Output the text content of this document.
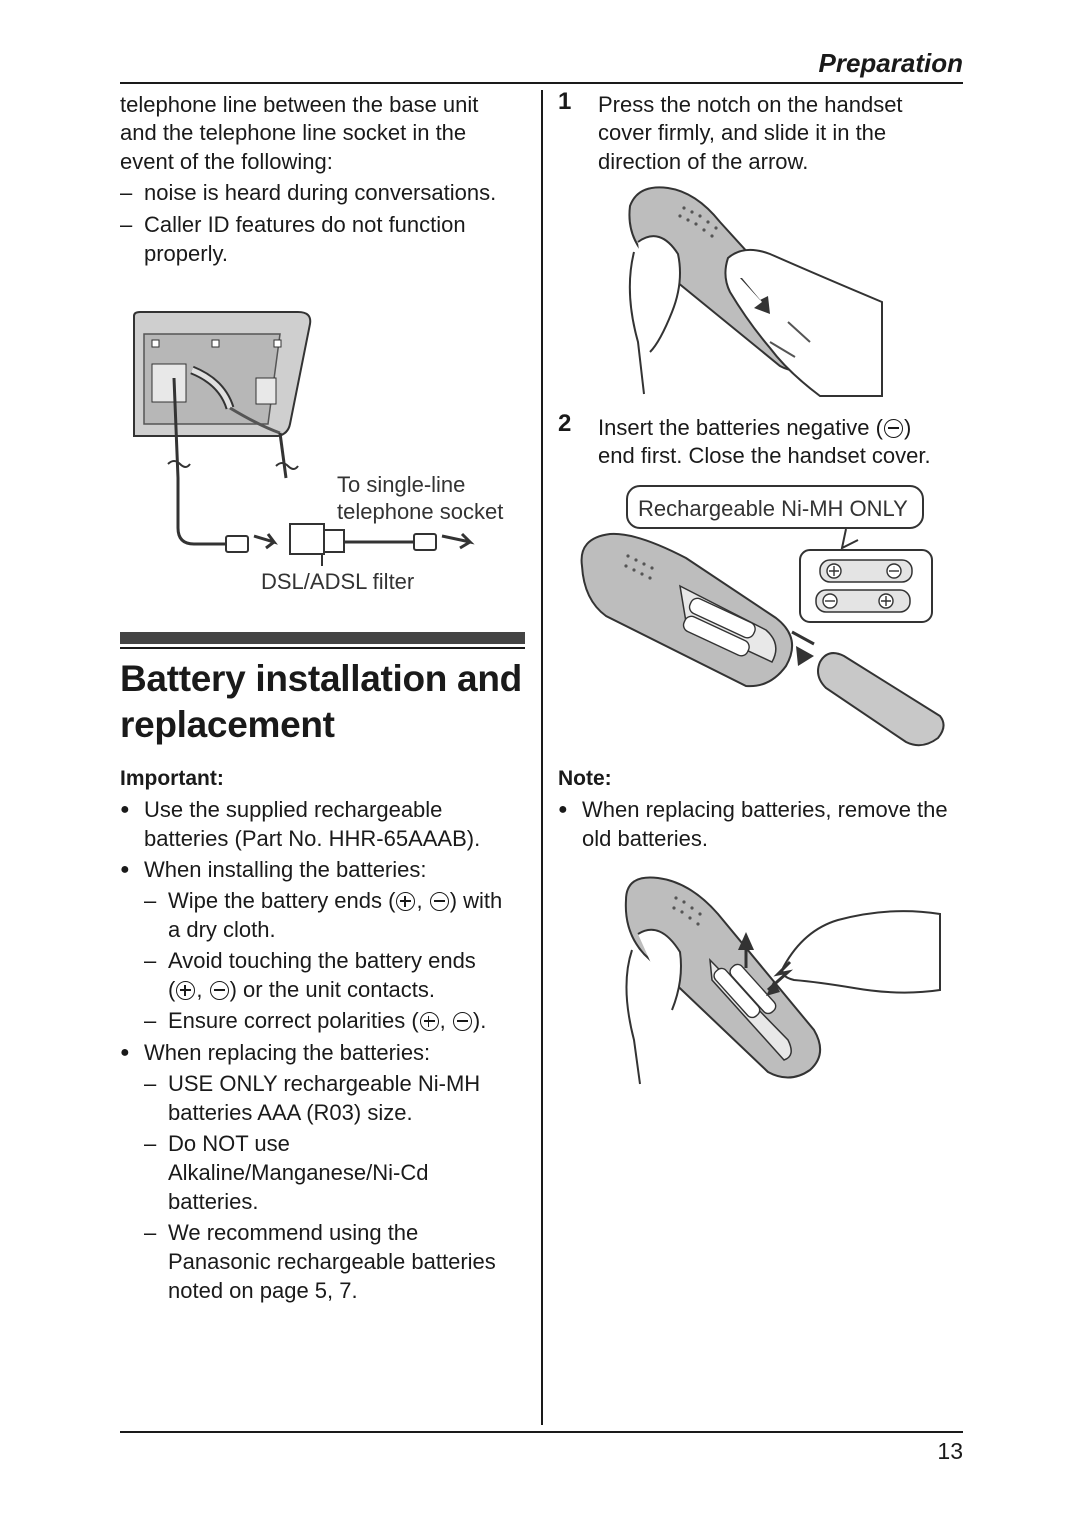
Preparation
telephone line between the base unit
and the telephone line socket in the
event of the following:
– noise is heard during conversations.
– Caller ID features do not function
properly.
To single-line
telephone socket
DSL/ADSL filter
Battery installation and
replacement
Important:
● Use the supplied rechargeable
batteries (Part No. HHR-65AAAB).
● When installing the batteries:
– Wipe the battery ends ( , ) with
a dry cloth.
– Avoid touching the battery ends
( , ) or the unit contacts.
– Ensure correct polarities ( , ).
● When replacing the batteries:
– USE ONLY rechargeable Ni-MH
batteries AAA (R03) size.
– Do NOT use
Alkaline/Manganese/Ni-Cd
batteries.
– We recommend using the
Panasonic rechargeable batteries
noted on page 5, 7.
1 Press the notch on the handset
cover firmly, and slide it in the
direction of the arrow.
2 Insert the batteries negative ( )
end first. Close the handset cover.
Rechargeable Ni-MH ONLY
Note:
● When replacing batteries, remove the
old batteries.
13
